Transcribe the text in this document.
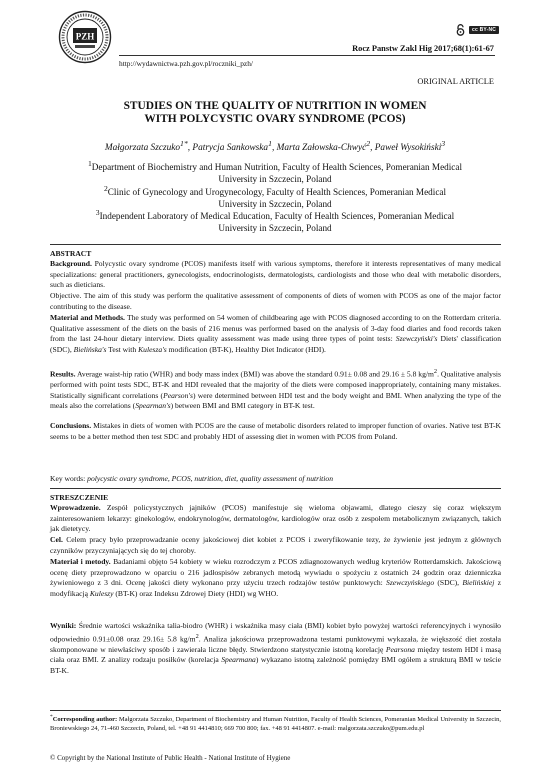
PZH
cc BY-NC
Rocz Panstw Zakl Hig 2017;68(1):61-67
http://wydawnictwa.pzh.gov.pl/roczniki_pzh/
ORIGINAL ARTICLE
STUDIES ON THE QUALITY OF NUTRITION IN WOMEN
WITH POLYCYSTIC OVARY SYNDROME (PCOS)
Małgorzata Szczuko$^{1*}$, Patrycja Sankowska$^1$, Marta Załowska-Chwyć$^2$, Paweł Wysokiński$^3$
$^1$Department of Biochemistry and Human Nutrition, Faculty of Health Sciences, Pomeranian Medical
University in Szczecin, Poland
$^2$Clinic of Gynecology and Urogynecology, Faculty of Health Sciences, Pomeranian Medical
University in Szczecin, Poland
$^3$Independent Laboratory of Medical Education, Faculty of Health Sciences, Pomeranian Medical
University in Szczecin, Poland
ABSTRACT
Background. Polycystic ovary syndrome (PCOS) manifests itself with various symptoms, therefore it interests representatives of many medical specializations: general practitioners, gynecologists, endocrinologists, dermatologists, cardiologists and those who deal with metabolic disorders, such as dieticians.
Objective. The aim of this study was perform the qualitative assessment of components of diets of women with PCOS as one of the major factor contributing to the disease.
Material and Methods. The study was performed on 54 women of childbearing age with PCOS diagnosed according to on the Rotterdam criteria. Qualitative assessment of the diets on the basis of 216 menus was performed based on the analysis of 3-day food diaries and food records taken from the last 24-hour dietary interview. Diets quality assessment was made using three types of point tests: Szewczyński's Diets' classification (SDC), Bielińska's Test with Kulesza's modification (BT-K), Healthy Diet Indicator (HDI).
Results. Average waist-hip ratio (WHR) and body mass index (BMI) was above the standard 0.91± 0.08 and 29.16 ± 5.8 $kg/m^2$. Qualitative analysis performed with point tests SDC, BT-K and HDI revealed that the majority of the diets were composed inappropriately, containing many mistakes. Statistically significant correlations (Pearson's) were determined between HDI test and the body weight and BMI. When analyzing the type of the meals also the correlations (Spearman's) between BMI and BMI category in BT-K test.
Conclusions. Mistakes in diets of women with PCOS are the cause of metabolic disorders related to improper function of ovaries. Native test BT-K seems to be a better method then test SDC and probably HDI of assessing diet in women with PCOS from Poland.
Key words: polycystic ovary syndrome, PCOS, nutrition, diet, quality assessment of nutrition
STRESZCZENIE
Wprowadzenie. Zespół policystycznych jajników (PCOS) manifestuje się wieloma objawami, dlatego cieszy się coraz większym zainteresowaniem lekarzy: ginekologów, endokrynologów, dermatologów, kardiologów oraz osób z zespołem metabolicznym związanych, takich jak dietetycy.
Cel. Celem pracy było przeprowadzanie oceny jakościowej diet kobiet z PCOS i zweryfikowanie tezy, że żywienie jest jednym z głównych czynników przyczyniających się do tej choroby.
Materiał i metody. Badaniami objęto 54 kobiety w wieku rozrodczym z PCOS zdiagnozowanych według kryteriów Rotterdamskich. Jakościową ocenę diety przeprowadzono w oparciu o 216 jadłospisów zebranych metodą wywiadu o spożyciu z ostatnich 24 godzin oraz dzienniczka żywieniowego z 3 dni. Ocenę jakości diety wykonano przy użyciu trzech rodzajów testów punktowych: Szewczyńskiego (SDC), Bielińskiej z modyfikacją Kuleszy (BT-K) oraz Indeksu Zdrowej Diety (HDI) wg WHO.
Wyniki: Średnie wartości wskaźnika talia-biodro (WHR) i wskaźnika masy ciała (BMI) kobiet było powyżej wartości referencyjnych i wynosiło odpowiednio 0.91±0.08 oraz 29.16± 5.8 $kg/m^2$. Analiza jakościowa przeprowadzona testami punktowymi wykazała, że większość diet została skomponowane w niewłaściwy sposób i zawierała liczne błędy. Stwierdzono statystycznie istotną korelację Pearsona między testem HDI i masą ciała oraz BMI. Z analizy rodzaju posiłków (korelacja Spearmana) wykazano istotną zależność pomiędzy BMI ogółem a strukturą BMI w teście BT-K.
*Corresponding author: Małgorzata Szczuko, Department of Biochemistry and Human Nutrition, Faculty of Health Sciences, Pomeranian Medical University in Szczecin, Broniewskiego 24, 71-460 Szczecin, Poland, tel. +48 91 4414810; 669 700 800; fax. +48 91 4414807. e-mail: malgorzata.szczuko@pum.edu.pl
© Copyright by the National Institute of Public Health - National Institute of Hygiene
